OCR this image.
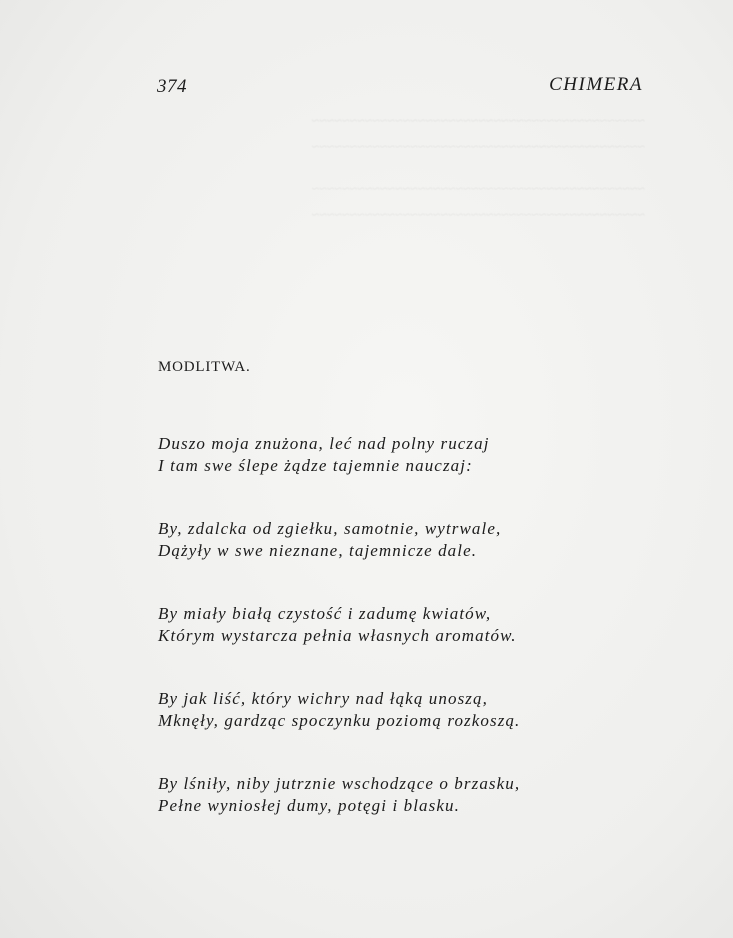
~~~~~~~~~~~~~~~~~~~~~~~~~~~~~~~~~~~~~~~~~~~~
~~~~~~~~~~~~~~~~~~~~~~~~~~~~~~~~~~~~~~~~~~~~
~~~~~~~~~~~~~~~~~~~~~~~~~~~~~~~~~~~~~~~~~~~~
~~~~~~~~~~~~~~~~~~~~~~~~~~~~~~~~~~~~~~~~~~~~
374	CHIMERA
MODLITWA.
Duszo moja znużona, leć nad polny ruczaj
I tam swe ślepe żądze tajemnie nauczaj:
By, zdalcka od zgiełku, samotnie, wytrwale,
Dążyły w swe nieznane, tajemnicze dale.
By miały białą czystość i zadumę kwiatów,
Którym wystarcza pełnia własnych aromatów.
By jak liść, który wichry nad łąką unoszą,
Mknęły, gardząc spoczynku poziomą rozkoszą.
By lśniły, niby jutrznie wschodzące o brzasku,
Pełne wyniosłej dumy, potęgi i blasku.
